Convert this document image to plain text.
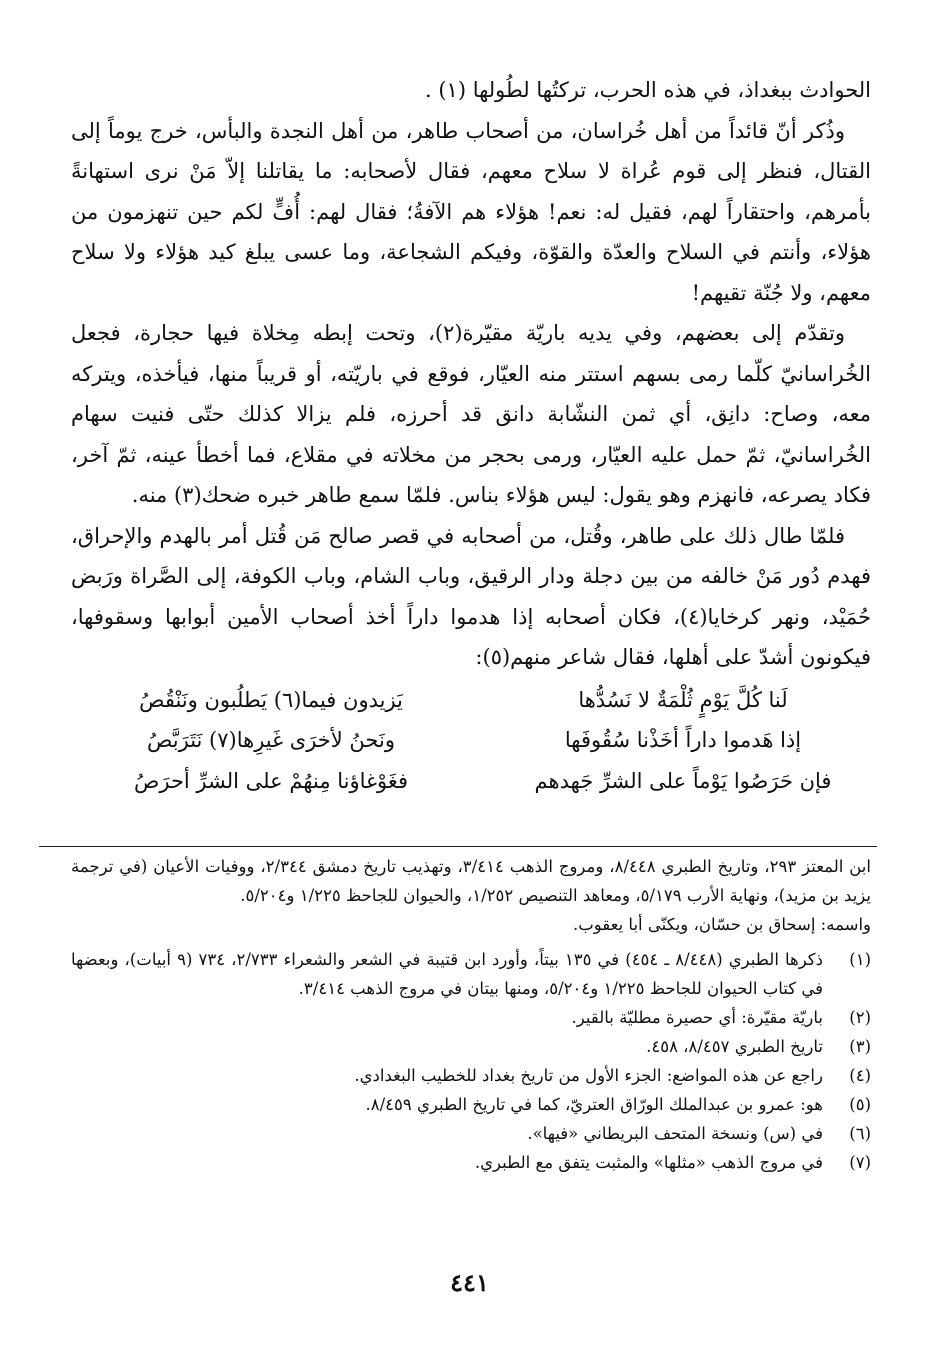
الحوادث ببغداذ، في هذه الحرب، تركتُها لطُولها (١) .

وذُكر أنّ قائداً من أهل خُراسان، من أصحاب طاهر، من أهل النجدة والبأس، خرج يوماً إلى القتال، فنظر إلى قوم عُراة لا سلاح معهم، فقال لأصحابه: ما يقاتلنا إلاّ مَنْ نرى استهانةً بأمرهم، واحتقاراً لهم، فقيل له: نعم! هؤلاء هم الآفةُ؛ فقال لهم: أُفٍّ لكم حين تنهزمون من هؤلاء، وأنتم في السلاح والعدّة والقوّة، وفيكم الشجاعة، وما عسى يبلغ كيد هؤلاء ولا سلاح معهم، ولا جُنّة تقيهم!

وتقدّم إلى بعضهم، وفي يديه باريّة مقيّرة(٢)، وتحت إبطه مِخلاة فيها حجارة، فجعل الخُراسانيّ كلّما رمى بسهم استتر منه العيّار، فوقع في باريّته، أو قريباً منها، فيأخذه، ويتركه معه، وصاح: دانِق، أي ثمن النشّابة دانق قد أحرزه، فلم يزالا كذلك حتّى فنيت سهام الخُراسانيّ، ثمّ حمل عليه العيّار، ورمى بحجر من مخلاته في مقلاع، فما أخطأ عينه، ثمّ آخر، فكاد يصرعه، فانهزم وهو يقول: ليس هؤلاء بناس. فلمّا سمع طاهر خبره ضحك(٣) منه.

فلمّا طال ذلك على طاهر، وقُتل، من أصحابه في قصر صالح مَن قُتل أمر بالهدم والإحراق، فهدم دُور مَنْ خالفه من بين دجلة ودار الرقيق، وباب الشام، وباب الكوفة، إلى الصَّراة ورَبض حُمَيْد، ونهر كرخايا(٤)، فكان أصحابه إذا هدموا داراً أخذ أصحاب الأمين أبوابها وسقوفها، فيكونون أشدّ على أهلها، فقال شاعر منهم(٥):

لَنا كُلَّ يَوْمٍ ثُلْمَةٌ لا نَسُدُّها
يَزيدون فيما(٦) يَطلُبون ونَنْقُصُ
إذا هَدموا داراً أخَذْنا سُقُوفَها
ونَحنُ لأخرَى غَيرِها(٧) نَتَرَبَّصُ
فإن حَرَصُوا يَوْماً على الشرِّ جَهدهم
فغَوْغاؤنا مِنهُمْ على الشرِّ أحرَصُ

ابن المعتز ٢٩٣، وتاريخ الطبري ٨/٤٤٨، ومروج الذهب ٣/٤١٤، وتهذيب تاريخ دمشق ٢/٣٤٤، ووفيات الأعيان (في ترجمة يزيد بن مزيد)، ونهاية الأرب ٥/١٧٩، ومعاهد التنصيص ١/٢٥٢، والحيوان للجاحظ ١/٢٢٥ و٥/٢٠٤.

واسمه: إسحاق بن حسّان، ويكنّى أبا يعقوب.

(١)
ذكرها الطبري (٨/٤٤٨ ـ ٤٥٤) في ١٣٥ بيتاً، وأورد ابن قتيبة في الشعر والشعراء ٢/٧٣٣، ٧٣٤ (٩ أبيات)، وبعضها في كتاب الحيوان للجاحظ ١/٢٢٥ و٥/٢٠٤، ومنها بيتان في مروج الذهب ٣/٤١٤.
(٢)
باريّة مقيّرة: أي حصيرة مطليّة بالقير.
(٣)
تاريخ الطبري ٨/٤٥٧، ٤٥٨.
(٤)
راجع عن هذه المواضع: الجزء الأول من تاريخ بغداد للخطيب البغدادي.
(٥)
هو: عمرو بن عبدالملك الورّاق العتريّ، كما في تاريخ الطبري ٨/٤٥٩.
(٦)
في (س) ونسخة المتحف البريطاني «فيها».
(٧)
في مروج الذهب «مثلها» والمثبت يتفق مع الطبري.
٤٤١
